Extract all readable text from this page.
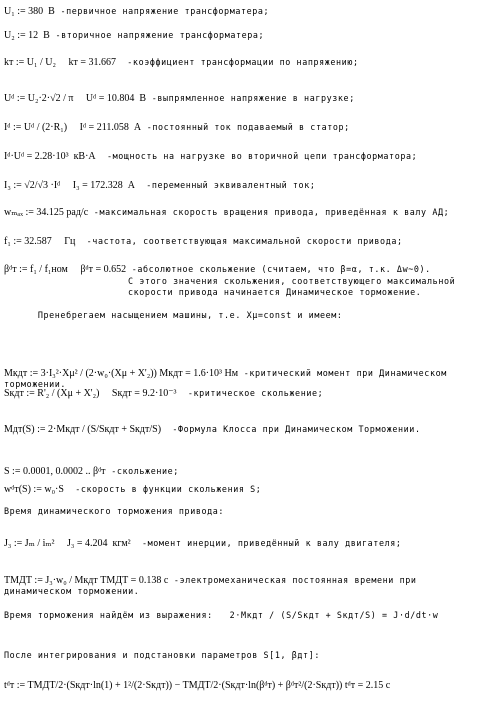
U₁ := 380  В -первичное напряжение трансформатера;
U₂ := 12  В -вторичное напряжение трансформатера;
kᴛ := U₁ / U₂     kᴛ = 31.667  -коэффициент трансформации по напряжению;
Uᵈ := U₂·2·√2 / π     Uᵈ = 10.804  В -выпрямленное напряжение в нагрузке;
Iᵈ := Uᵈ / (2·R₁)     Iᵈ = 211.058  А -постоянный ток подаваемый в статор;
Iᵈ·Uᵈ = 2.28·10³  кВ·А  -мощность на нагрузке во вторичной цепи трансформатора;
I₃ := √2/√3 ·Iᵈ     I₃ = 172.328  А  -переменный эквивалентный ток;
wₘₐₓ := 34.125 рад/с -максимальная скорость вращения привода, приведённая к валу АД;
f₁ := 32.587     Гц  -частота, соответствующая максимальной скорости привода;
βᵈᴛ := f₁ / f₁ном     βᵈᴛ = 0.652 -абсолютное скольжение (считаем, что β=α, т.к. Δw~0).
С этого значения скольжения, соответствующего максимальной
скорости привода начинается Динамическое торможение.
Пренебрегаем насыщением машины, т.е. Xμ=const и имеем:
Mкдт := 3·I₃²·Xμ² / (2·w₀·(Xμ + X'₂)) Mкдт = 1.6·10³ Нм -критический момент при Динамическом торможении.
Sкдт := R'₂ / (Xμ + X'₂)     Sкдт = 9.2·10⁻³  -критическое скольжение;
Mдт(S) := 2·Mкдт / (S/Sкдт + Sкдт/S)  -Формула Клосса при Динамическом Торможении.
S := 0.0001, 0.0002 .. βᵈᴛ -скольжение;
wᵈᴛ(S) := w₀·S  -скорость в функции скольжения S;
Время динамического торможения привода:
J₃ := Jₘ / iₘ²     J₃ = 4.204  кгм²  -момент инерции, приведённый к валу двигателя;
TМДТ := J₃·w₀ / Mкдт TМДТ = 0.138 с -электромеханическая постоянная времени при динамическом торможении.
Время торможения найдём из выражения:   2·Mкдт / (S/Sкдт + Sкдт/S) = J·d/dt·w
После интегрирования и подстановки параметров S[1, βдт]:
tᵈᴛ := TМДТ/2·(Sкдт·ln(1) + 1²/(2·Sкдт)) − TМДТ/2·(Sкдт·ln(βᵈᴛ) + βᵈᴛ²/(2·Sкдт)) tᵈᴛ = 2.15 с
